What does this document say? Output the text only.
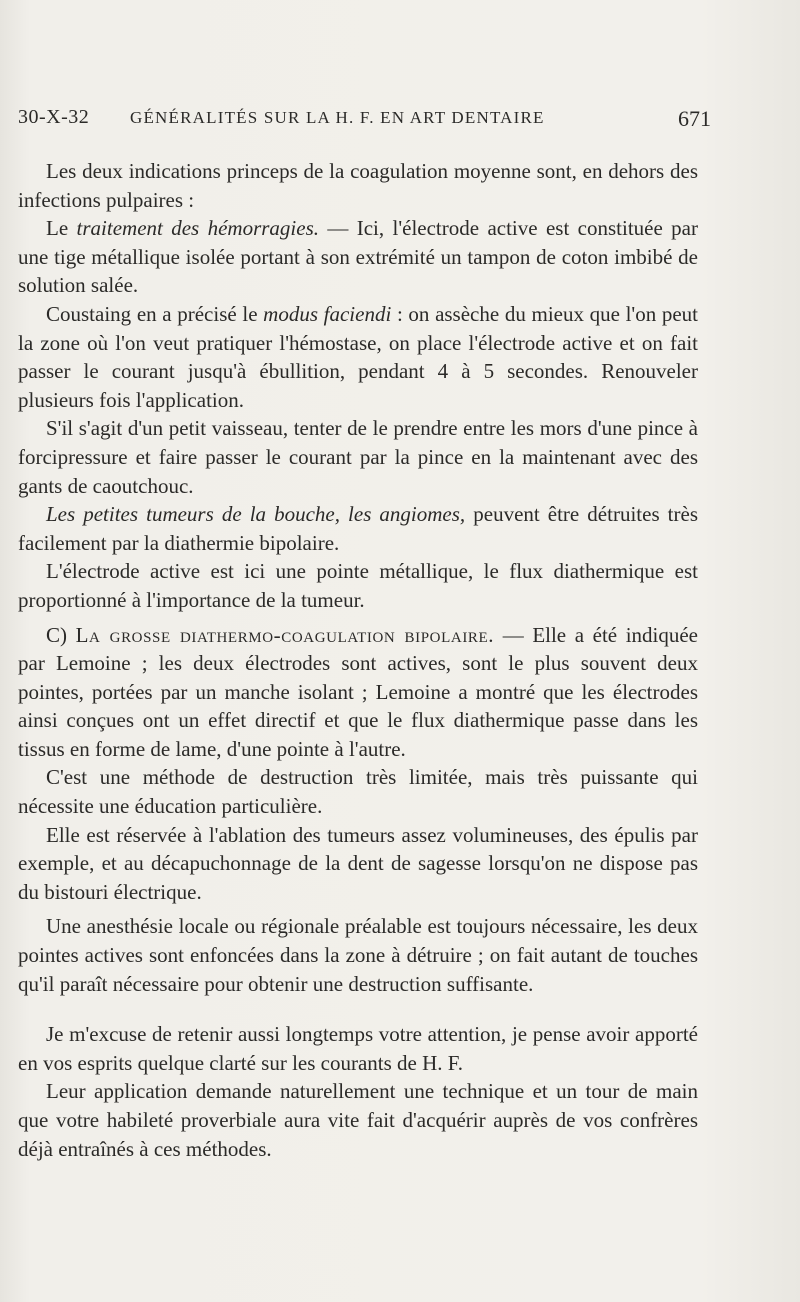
30-X-32 GÉNÉRALITÉS SUR LA H. F. EN ART DENTAIRE	671

Les deux indications princeps de la coagulation moyenne sont, en dehors des infections pulpaires :

Le traitement des hémorragies. — Ici, l'électrode active est constituée par une tige métallique isolée portant à son extrémité un tampon de coton imbibé de solution salée.

Coustaing en a précisé le modus faciendi : on assèche du mieux que l'on peut la zone où l'on veut pratiquer l'hémostase, on place l'électrode active et on fait passer le courant jusqu'à ébullition, pendant 4 à 5 secondes. Renouveler plusieurs fois l'application.

S'il s'agit d'un petit vaisseau, tenter de le prendre entre les mors d'une pince à forcipressure et faire passer le courant par la pince en la maintenant avec des gants de caoutchouc.

Les petites tumeurs de la bouche, les angiomes, peuvent être détruites très facilement par la diathermie bipolaire.

L'électrode active est ici une pointe métallique, le flux diathermique est proportionné à l'importance de la tumeur.

C) La grosse diathermo-coagulation bipolaire. — Elle a été indiquée par Lemoine ; les deux électrodes sont actives, sont le plus souvent deux pointes, portées par un manche isolant ; Lemoine a montré que les électrodes ainsi conçues ont un effet directif et que le flux diathermique passe dans les tissus en forme de lame, d'une pointe à l'autre.

C'est une méthode de destruction très limitée, mais très puissante qui nécessite une éducation particulière.

Elle est réservée à l'ablation des tumeurs assez volumineuses, des épulis par exemple, et au décapuchonnage de la dent de sagesse lorsqu'on ne dispose pas du bistouri électrique.

Une anesthésie locale ou régionale préalable est toujours nécessaire, les deux pointes actives sont enfoncées dans la zone à détruire ; on fait autant de touches qu'il paraît nécessaire pour obtenir une destruction suffisante.

Je m'excuse de retenir aussi longtemps votre attention, je pense avoir apporté en vos esprits quelque clarté sur les courants de H. F.

Leur application demande naturellement une technique et un tour de main que votre habileté proverbiale aura vite fait d'acquérir auprès de vos confrères déjà entraînés à ces méthodes.
